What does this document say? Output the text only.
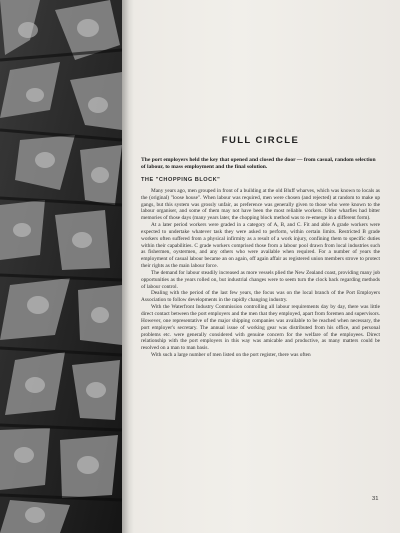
FULL CIRCLE

The port employers held the key that opened and closed the door — from casual, random selection of labour, to mass employment and the final solution.

THE "CHOPPING BLOCK"

Many years ago, men grouped in front of a building at the old Bluff wharves, which was known to locals as the (original) "loose house". When labour was required, men were chosen (and rejected) at random to make up gangs, but this system was grossly unfair, as preference was generally given to those who were known to the labour organiser, and some of them may not have been the most reliable workers. Older wharfies had bitter memories of those days (many years later, the chopping block method was to re-emerge in a different form).

At a later period workers were graded in a category of A, B, and C. Fit and able A grade workers were expected to undertake whatever task they were asked to perform, within certain limits. Restricted B grade workers often suffered from a physical infirmity as a result of a work injury, confining them to specific duties within their capabilities. C grade workers comprised those from a labour pool drawn from local industries such as fishermen, oystermen, and any others who were available when required. For a number of years the employment of casual labour became an on again, off again affair as registered union members strove to protect their rights as the main labour force.

The demand for labour steadily increased as more vessels plied the New Zealand coast, providing many job opportunities as the years rolled on, but industrial changes were to seem turn the clock back regarding methods of labour control.

Dealing with the period of the last few years, the focus was on the local branch of the Port Employers Association to follow developments in the rapidly changing industry.

With the Waterfront Industry Commission controlling all labour requirements day by day, there was little direct contact between the port employers and the men that they employed, apart from foremen and supervisors. However, one representative of the major shipping companies was available to be reached when necessary, the port employer's secretary. The annual issue of working gear was distributed from his office, and personal problems etc. were generally considered with genuine concern for the welfare of the employees. Direct relationship with the port employers in this way was amicable and productive, as many matters could be resolved on a man to man basis.

With such a large number of men listed on the port register, there was often

31
